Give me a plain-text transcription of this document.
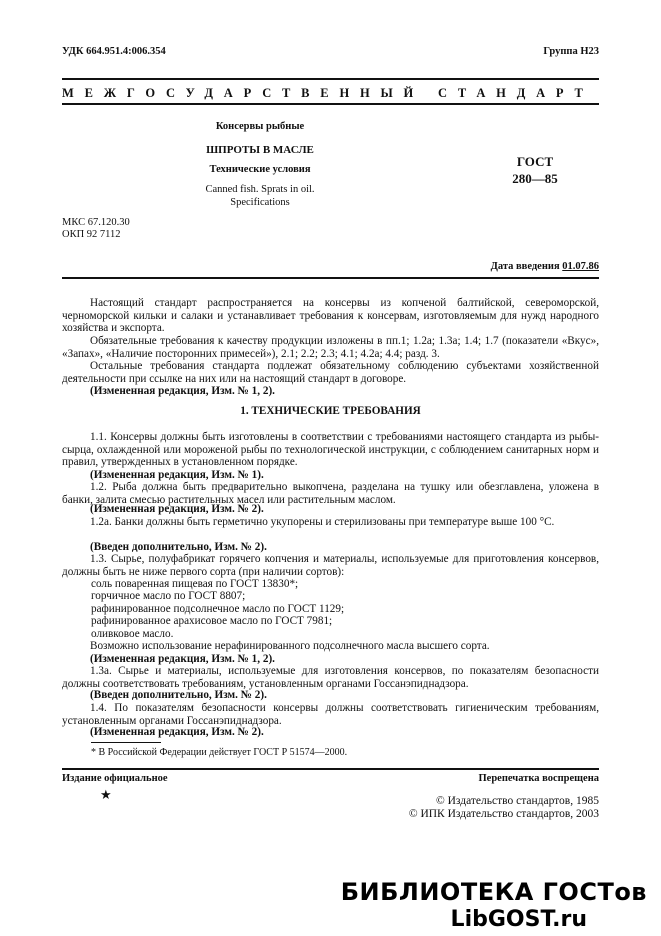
УДК 664.951.4:006.354	Группа Н23
МЕЖГОСУДАРСТВЕННЫЙ СТАНДАРТ
Консервы рыбные
ШПРОТЫ В МАСЛЕ
Технические условия
Canned fish. Sprats in oil.
Specifications
ГОСТ
280—85
МКС 67.120.30
ОКП 92 7112
Дата введения 01.07.86

Настоящий стандарт распространяется на консервы из копченой балтийской, североморской, черноморской кильки и салаки и устанавливает требования к консервам, изготовляемым для нужд народного хозяйства и экспорта.

Обязательные требования к качеству продукции изложены в пп.1; 1.2а; 1.3а; 1.4; 1.7 (показатели «Вкус», «Запах», «Наличие посторонних примесей»), 2.1; 2.2; 2.3; 4.1; 4.2а; 4.4; разд. 3.

Остальные требования стандарта подлежат обязательному соблюдению субъектами хозяйственной деятельности при ссылке на них или на настоящий стандарт в договоре.

(Измененная редакция, Изм. № 1, 2).

1. ТЕХНИЧЕСКИЕ ТРЕБОВАНИЯ

1.1. Консервы должны быть изготовлены в соответствии с требованиями настоящего стандарта из рыбы-сырца, охлажденной или мороженой рыбы по технологической инструкции, с соблюдением санитарных норм и правил, утвержденных в установленном порядке.

(Измененная редакция, Изм. № 1).

1.2. Рыба должна быть предварительно выкопчена, разделана на тушку или обезглавлена, уложена в банки, залита смесью растительных масел или растительным маслом.

(Измененная редакция, Изм. № 2).

1.2а. Банки должны быть герметично укупорены и стерилизованы при температуре выше 100 °С.

(Введен дополнительно, Изм. № 2).

1.3. Сырье, полуфабрикат горячего копчения и материалы, используемые для приготовления консервов, должны быть не ниже первого сорта (при наличии сортов):

соль поваренная пищевая по ГОСТ 13830*;
горчичное масло по ГОСТ 8807;
рафинированное подсолнечное масло по ГОСТ 1129;
рафинированное арахисовое масло по ГОСТ 7981;
оливковое масло.

Возможно использование нерафинированного подсолнечного масла высшего сорта.

(Измененная редакция, Изм. № 1, 2).

1.3а. Сырье и материалы, используемые для изготовления консервов, по показателям безопасности должны соответствовать требованиям, установленным органами Госсанэпиднадзора.

(Введен дополнительно, Изм. № 2).

1.4. По показателям безопасности консервы должны соответствовать гигиеническим требованиям, установленным органами Госсанэпиднадзора.

(Измененная редакция, Изм. № 2).

* В Российской Федерации действует ГОСТ Р 51574—2000.
Издание официальное	Перепечатка воспрещена
★	© Издательство стандартов, 1985
© ИПК Издательство стандартов, 2003
БИБЛИОТЕКА ГОСТов
LibGOST.ru
